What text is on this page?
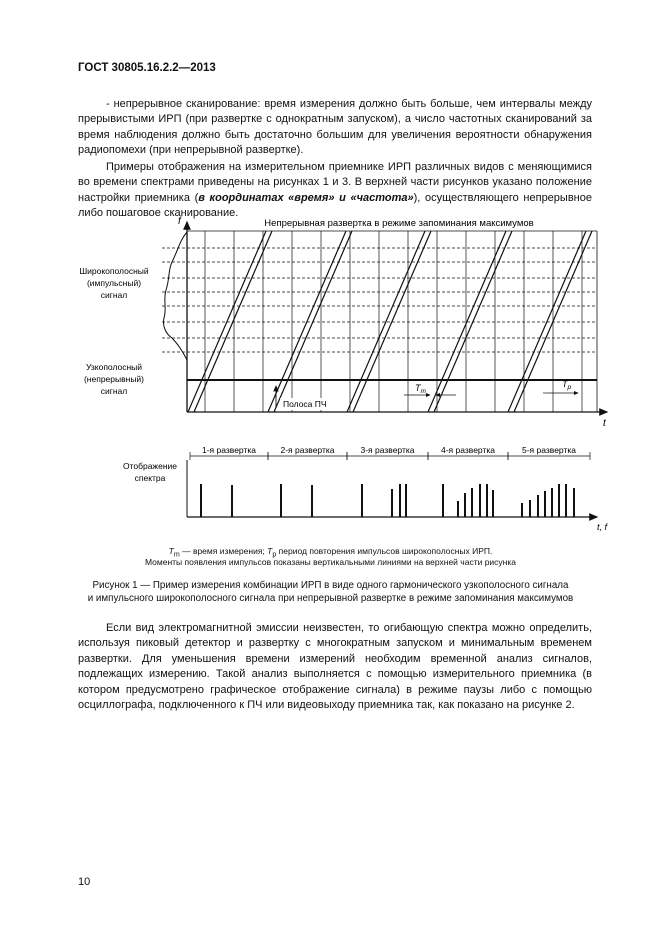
ГОСТ 30805.16.2.2—2013
- непрерывное сканирование: время измерения должно быть больше, чем интервалы между прерывистыми ИРП (при развертке с однократным запуском), а число частотных сканирований за время наблюдения должно быть достаточно большим для увеличения вероятности обнаружения радиопомехи (при непрерывной развертке).
Примеры отображения на измерительном приемнике ИРП различных видов с меняющимися во времени спектрами приведены на рисунках 1 и 3. В верхней части рисунков указано положение настройки приемника (в координатах «время» и «частота»), осуществляющего непрерывное либо пошаговое сканирование.
f
t
Непрерывная развертка в режиме запоминания максимумов
Широкополосный
(импульсный)
сигнал
Узкополосный
(непрерывный)
сигнал
Полоса ПЧ
$T_m$
$T_p$
1-я развертка	2-я развертка	3-я развертка	4-я развертка	5-я развертка
t, f
Отображение
спектра
$T_m$ — время измерения; $T_p$ период повторения импульсов широкополосных ИРП.
Моменты появления импульсов показаны вертикальными линиями на верхней части рисунка
Рисунок 1 — Пример измерения комбинации ИРП в виде одного гармонического узкополосного сигнала
и импульсного широкополосного сигнала при непрерывной развертке в режиме запоминания максимумов
Если вид электромагнитной эмиссии неизвестен, то огибающую спектра можно определить, используя пиковый детектор и развертку с многократным запуском и минимальным временем развертки. Для уменьшения времени измерений необходим временной анализ сигналов, подлежащих измерению. Такой анализ выполняется с помощью измерительного приемника (в котором предусмотрено графическое отображение сигнала) в режиме паузы либо с помощью осциллографа, подключенного к ПЧ или видеовыходу приемника так, как показано на рисунке 2.
10
